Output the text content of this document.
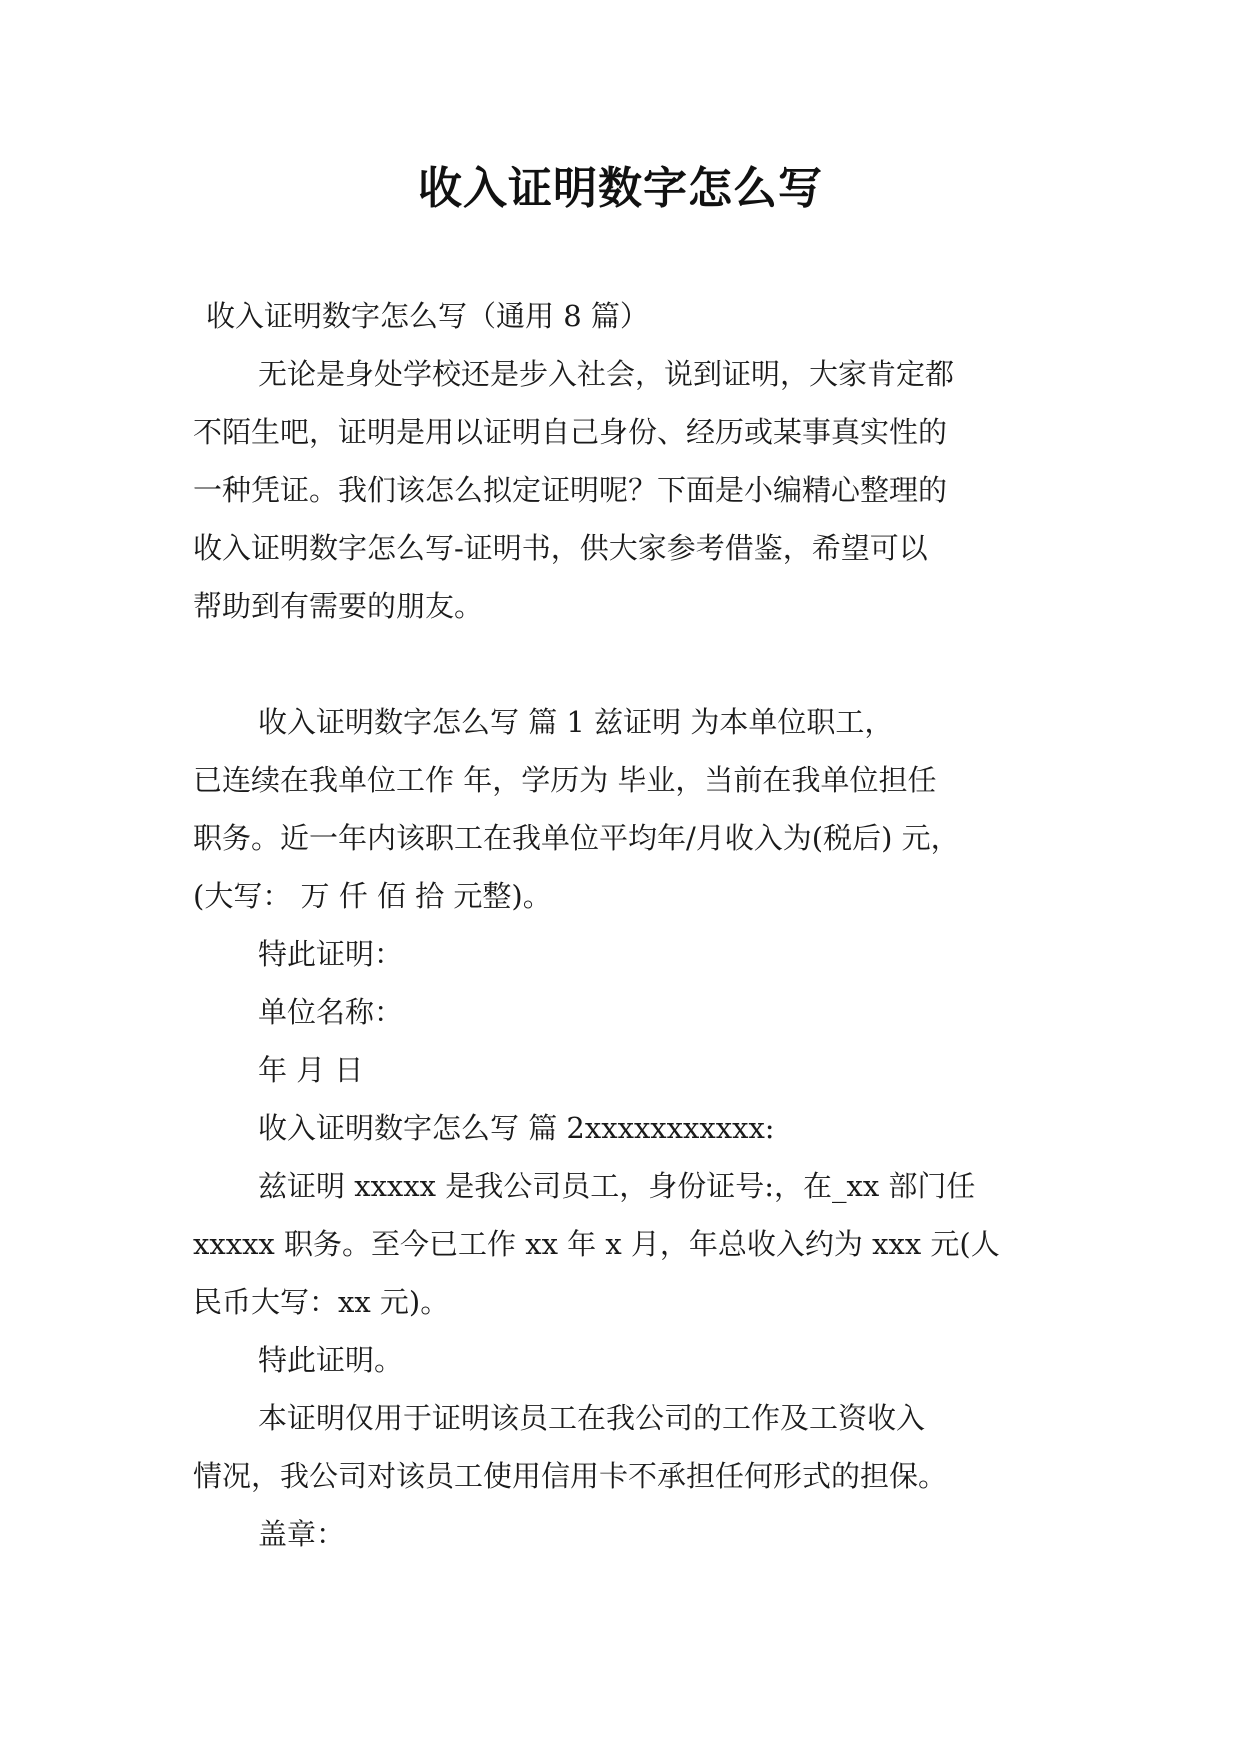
收入证明数字怎么写
收入证明数字怎么写（通用 8 篇）
无论是身处学校还是步入社会，说到证明，大家肯定都
不陌生吧，证明是用以证明自己身份、经历或某事真实性的
一种凭证。我们该怎么拟定证明呢？下面是小编精心整理的
收入证明数字怎么写-证明书，供大家参考借鉴，希望可以
帮助到有需要的朋友。
收入证明数字怎么写 篇 1 兹证明 为本单位职工，
已连续在我单位工作 年，学历为 毕业，当前在我单位担任
职务。近一年内该职工在我单位平均年/月收入为(税后) 元，
(大写： 万 仟 佰 拾 元整)。
特此证明：
单位名称：
年 月 日
收入证明数字怎么写 篇 2xxxxxxxxxxx:
兹证明 xxxxx 是我公司员工，身份证号:，在_xx 部门任
xxxxx 职务。至今已工作 xx 年 x 月，年总收入约为 xxx 元(人
民币大写：xx 元)。
特此证明。
本证明仅用于证明该员工在我公司的工作及工资收入
情况，我公司对该员工使用信用卡不承担任何形式的担保。
盖章：
